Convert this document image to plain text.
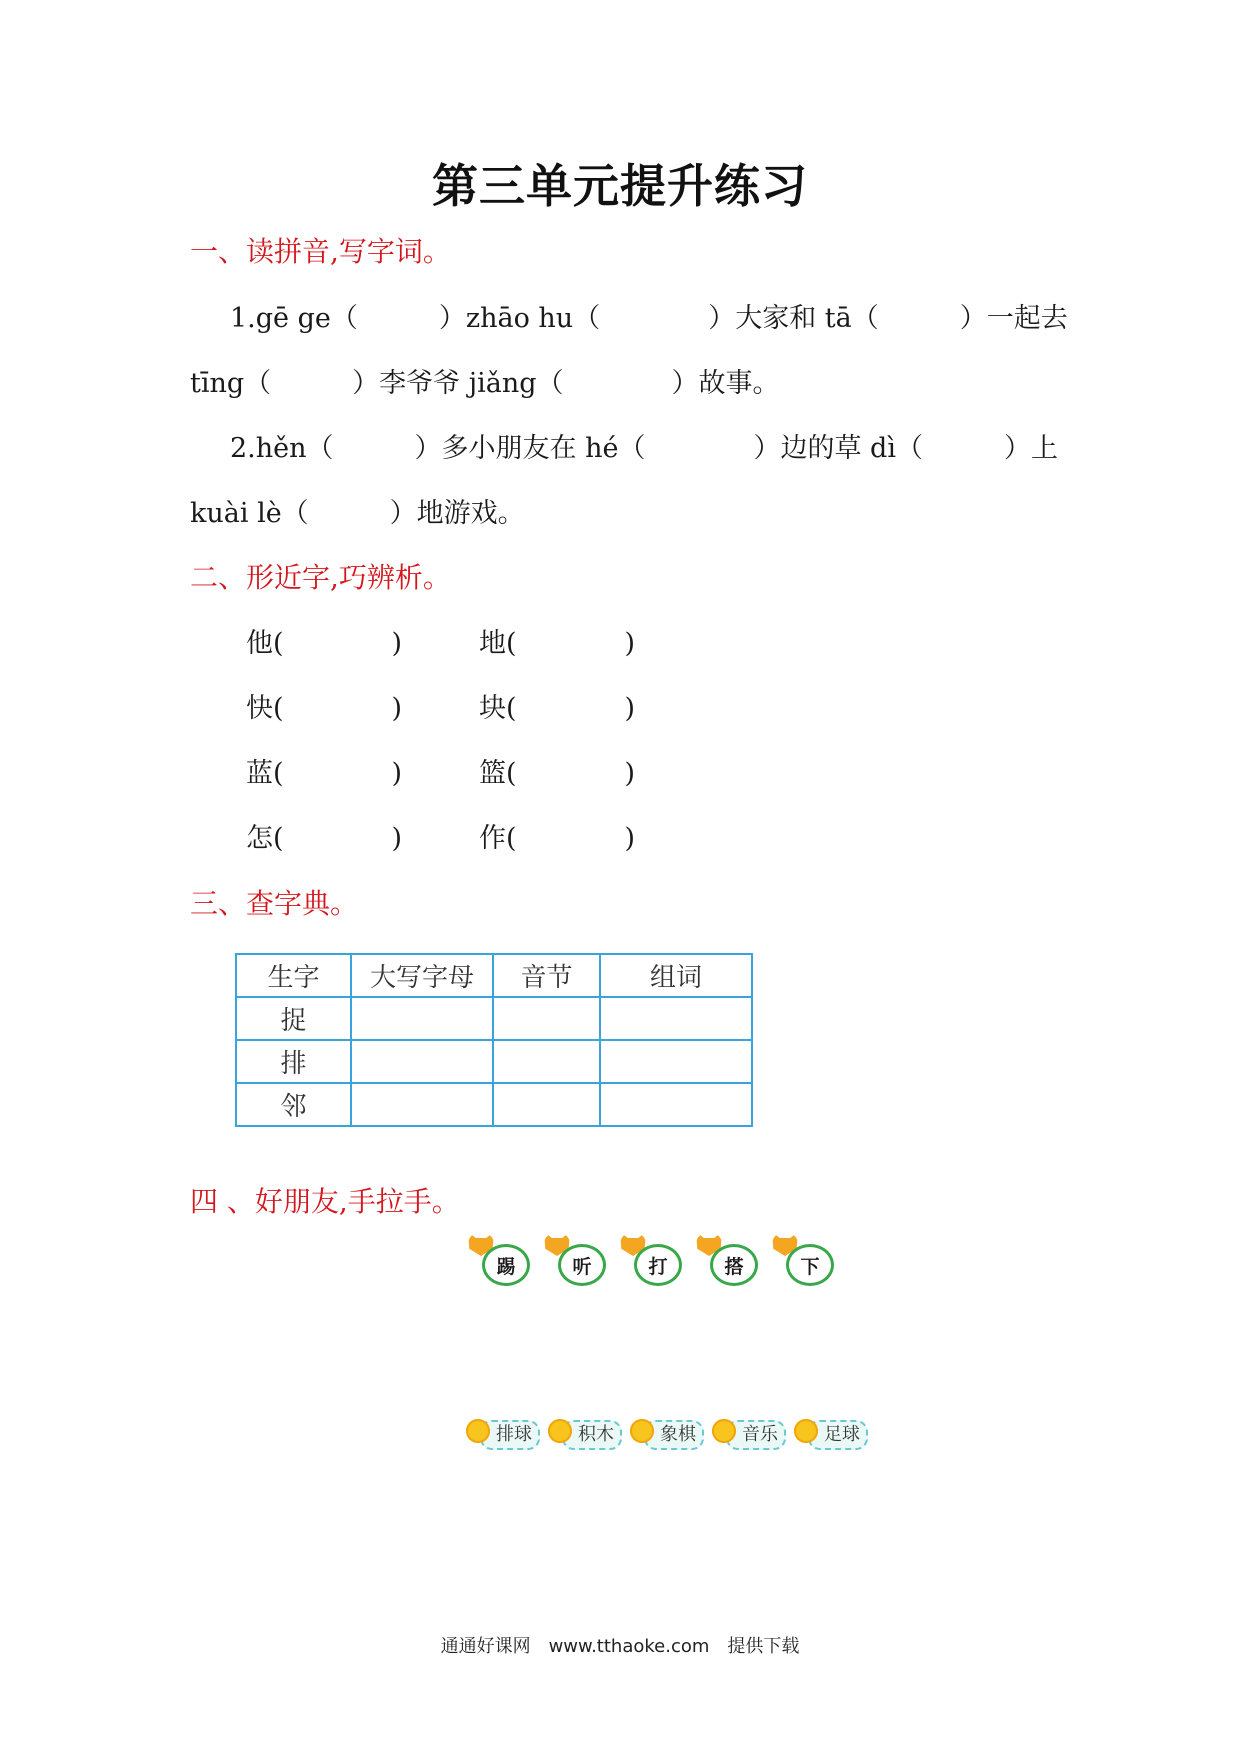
第三单元提升练习
一、读拼音,写字词。
1.gē ge（　　　）zhāo hu（　　　　）大家和 tā（　　　）一起去
tīng（　　　）李爷爷 jiǎng（　　　　）故事。
2.hěn（　　　）多小朋友在 hé（　　　　）边的草 dì（　　　）上
kuài lè（　　　）地游戏。
二、形近字,巧辨析。
他(　　　　)	地(　　　　)
快(　　　　)	块(　　　　)
蓝(　　　　)	篮(　　　　)
怎(　　　　)	作(　　　　)
三、查字典。
生字	大写字母	音节	组词
捉			
排			
邻			
四 、好朋友,手拉手。
踢	听	打	搭	下
排球	积木	象棋	音乐	足球
通通好课网　www.tthaoke.com　提供下载
